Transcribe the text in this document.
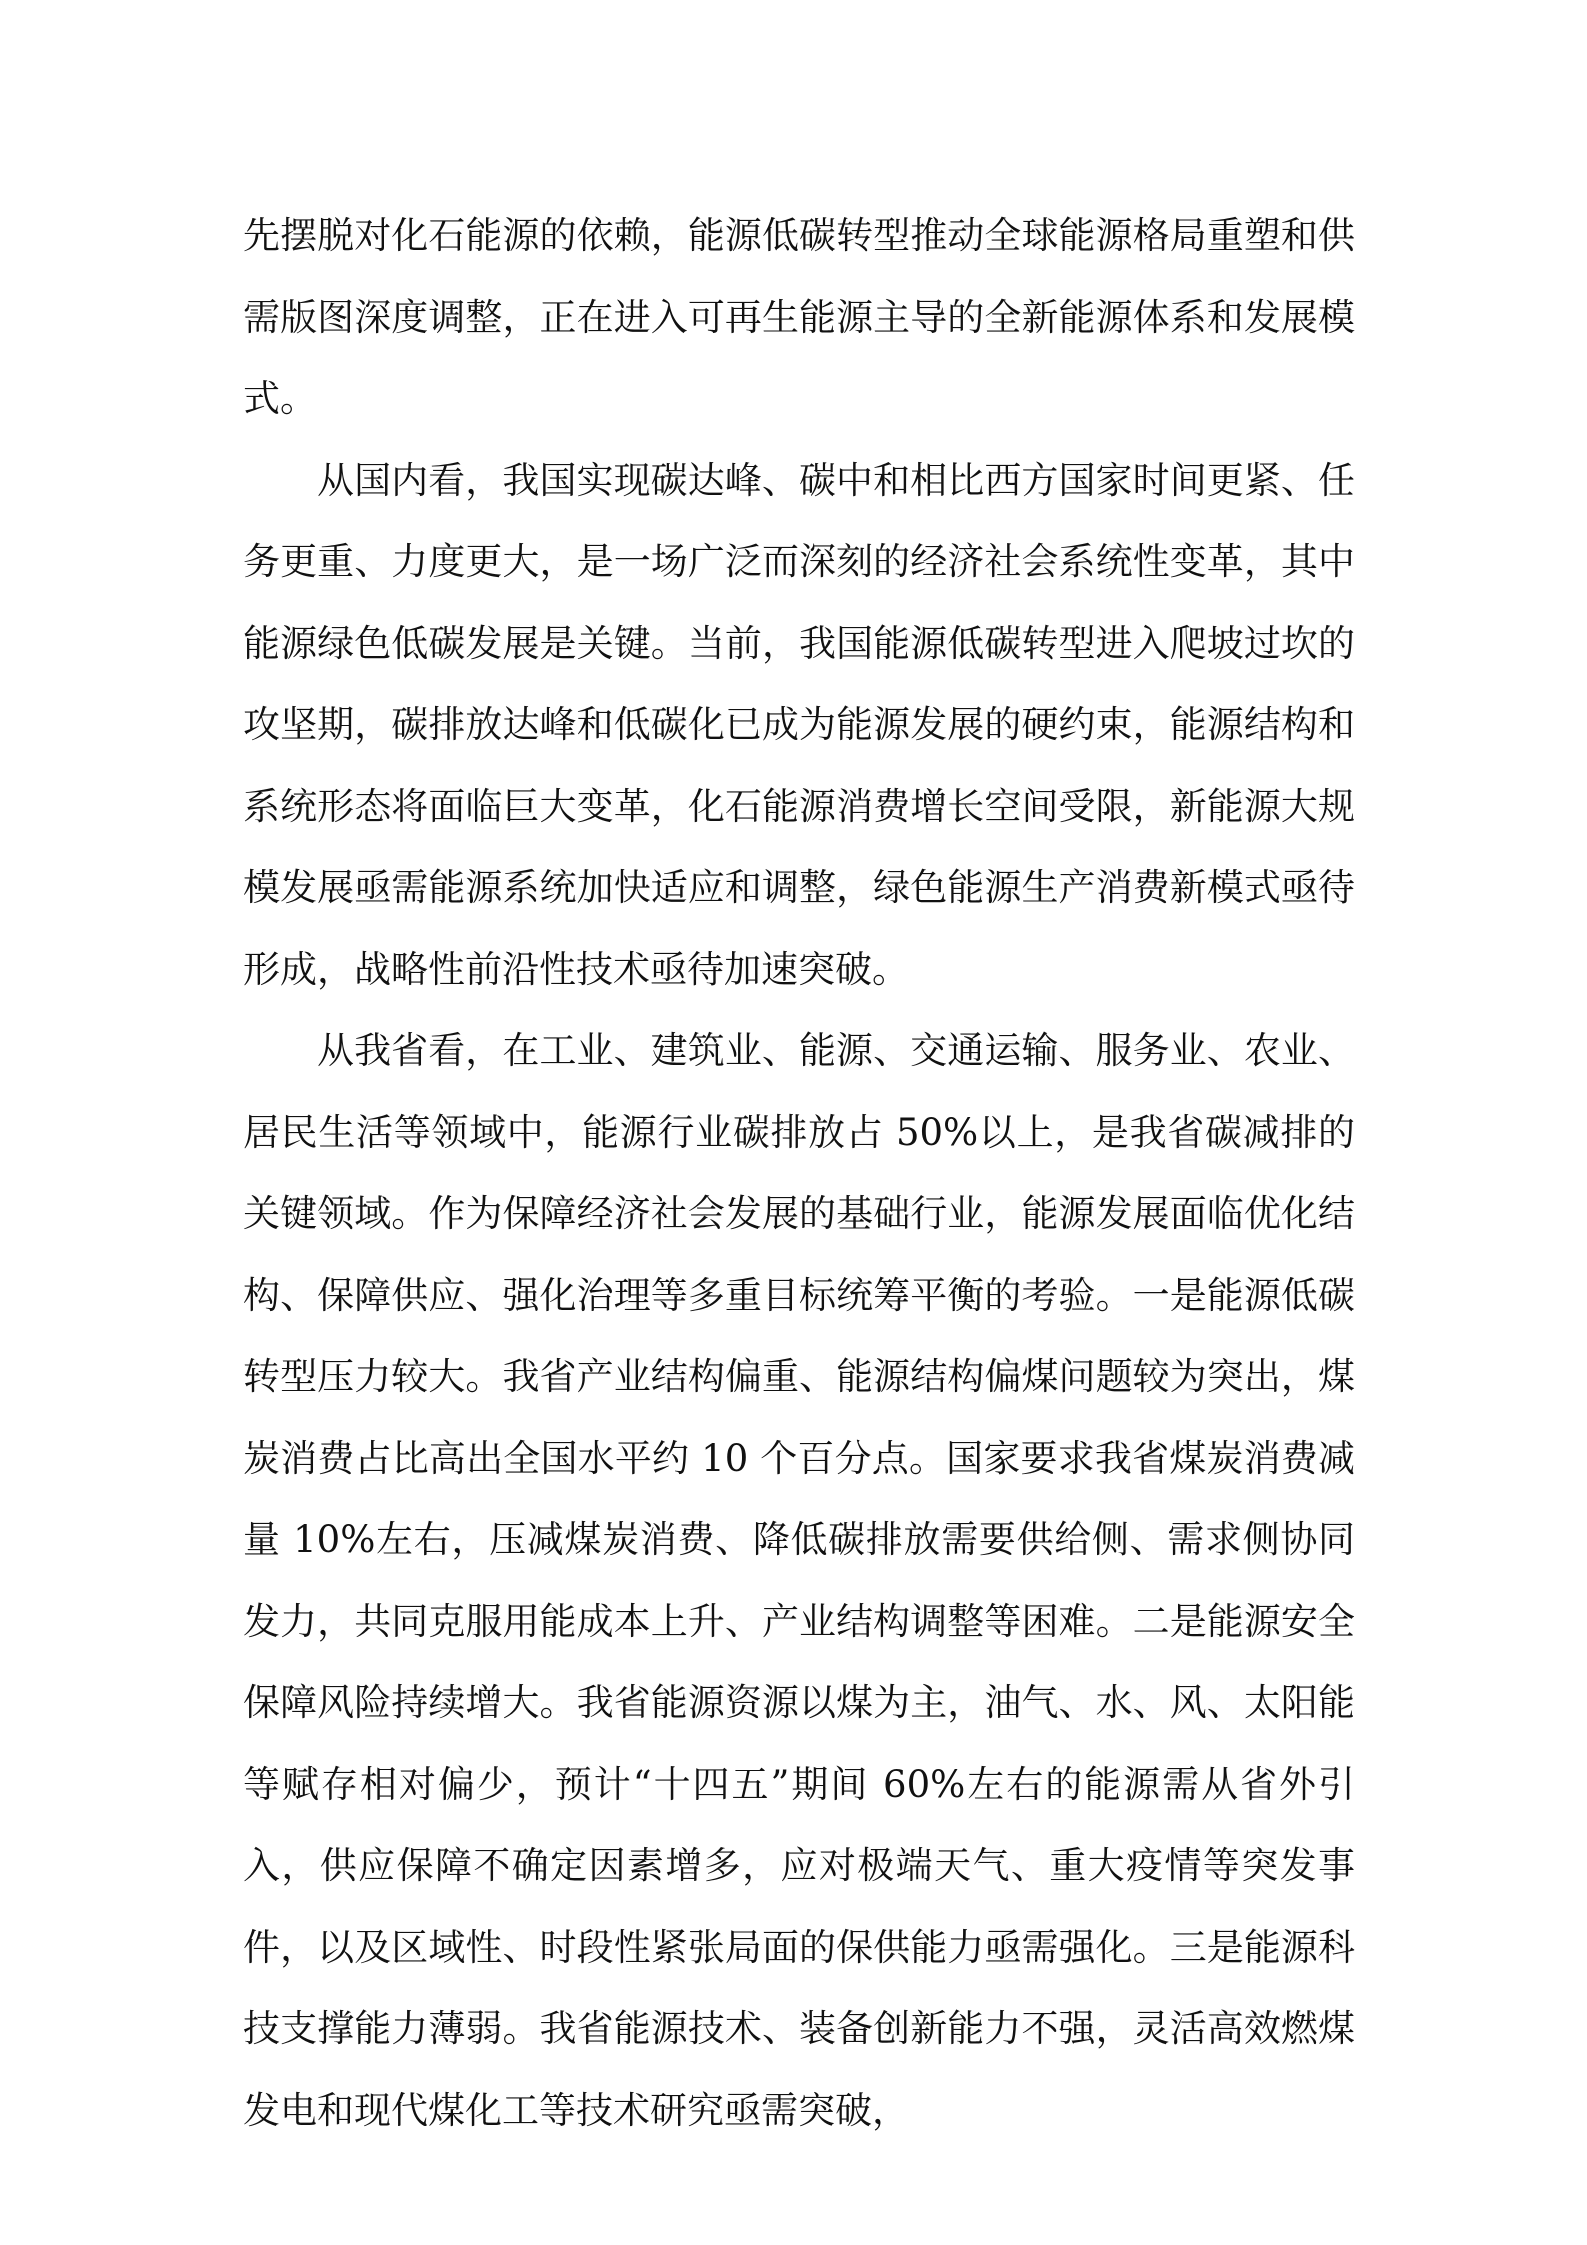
先摆脱对化石能源的依赖，能源低碳转型推动全球能源格局重塑和供需版图深度调整，正在进入可再生能源主导的全新能源体系和发展模式。

从国内看，我国实现碳达峰、碳中和相比西方国家时间更紧、任务更重、力度更大，是一场广泛而深刻的经济社会系统性变革，其中能源绿色低碳发展是关键。当前，我国能源低碳转型进入爬坡过坎的攻坚期，碳排放达峰和低碳化已成为能源发展的硬约束，能源结构和系统形态将面临巨大变革，化石能源消费增长空间受限，新能源大规模发展亟需能源系统加快适应和调整，绿色能源生产消费新模式亟待形成，战略性前沿性技术亟待加速突破。

从我省看，在工业、建筑业、能源、交通运输、服务业、农业、居民生活等领域中，能源行业碳排放占 50%以上，是我省碳减排的关键领域。作为保障经济社会发展的基础行业，能源发展面临优化结构、保障供应、强化治理等多重目标统筹平衡的考验。一是能源低碳转型压力较大。我省产业结构偏重、能源结构偏煤问题较为突出，煤炭消费占比高出全国水平约 10 个百分点。国家要求我省煤炭消费减量 10%左右，压减煤炭消费、降低碳排放需要供给侧、需求侧协同发力，共同克服用能成本上升、产业结构调整等困难。二是能源安全保障风险持续增大。我省能源资源以煤为主，油气、水、风、太阳能等赋存相对偏少，预计“十四五”期间 60%左右的能源需从省外引入，供应保障不确定因素增多，应对极端天气、重大疫情等突发事件，以及区域性、时段性紧张局面的保供能力亟需强化。三是能源科技支撑能力薄弱。我省能源技术、装备创新能力不强，灵活高效燃煤发电和现代煤化工等技术研究亟需突破，
